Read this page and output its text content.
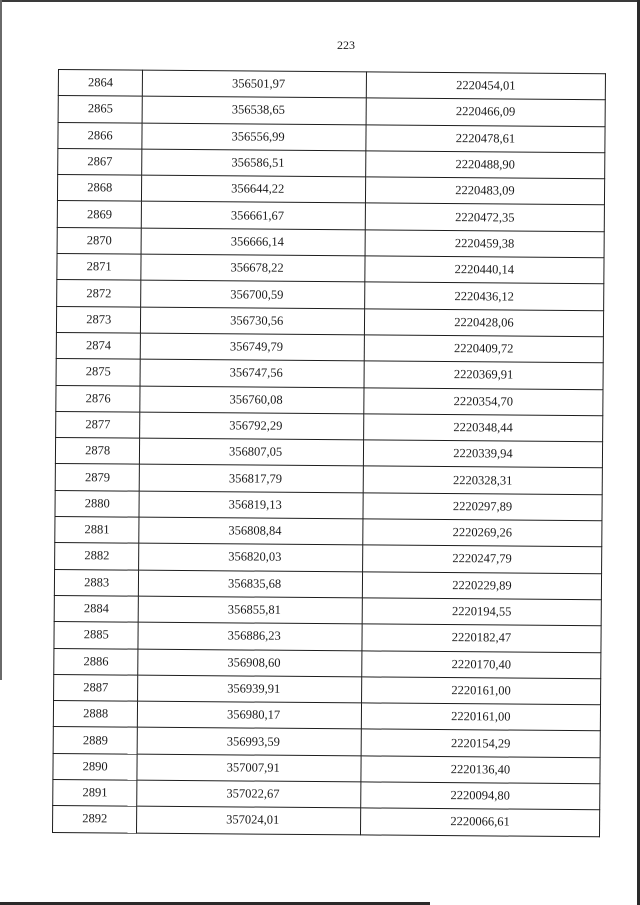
223
2864	356501,97	2220454,01
2865	356538,65	2220466,09
2866	356556,99	2220478,61
2867	356586,51	2220488,90
2868	356644,22	2220483,09
2869	356661,67	2220472,35
2870	356666,14	2220459,38
2871	356678,22	2220440,14
2872	356700,59	2220436,12
2873	356730,56	2220428,06
2874	356749,79	2220409,72
2875	356747,56	2220369,91
2876	356760,08	2220354,70
2877	356792,29	2220348,44
2878	356807,05	2220339,94
2879	356817,79	2220328,31
2880	356819,13	2220297,89
2881	356808,84	2220269,26
2882	356820,03	2220247,79
2883	356835,68	2220229,89
2884	356855,81	2220194,55
2885	356886,23	2220182,47
2886	356908,60	2220170,40
2887	356939,91	2220161,00
2888	356980,17	2220161,00
2889	356993,59	2220154,29
2890	357007,91	2220136,40
2891	357022,67	2220094,80
2892	357024,01	2220066,61
